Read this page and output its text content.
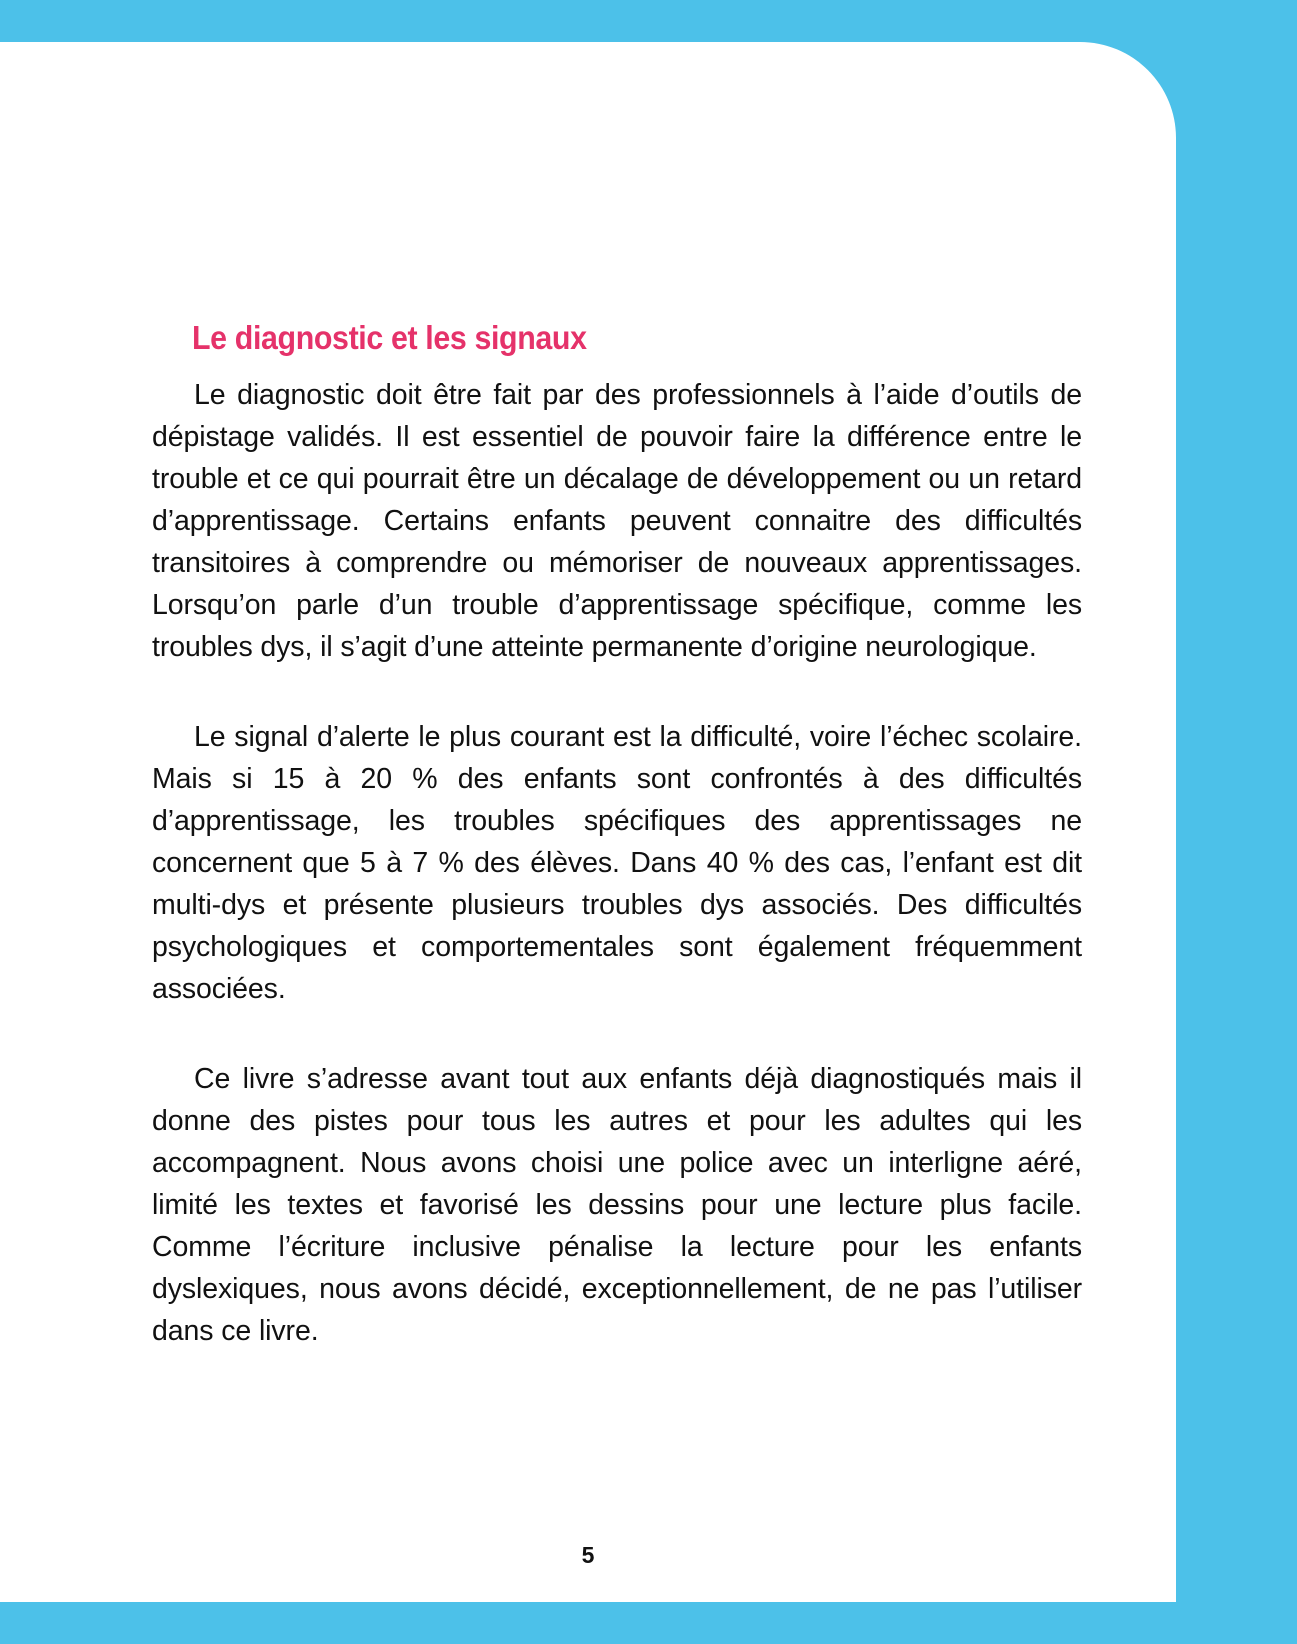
Le diagnostic et les signaux

Le diagnostic doit être fait par des professionnels à l’aide d’outils de dépistage validés. Il est essentiel de pouvoir faire la différence entre le trouble et ce qui pourrait être un décalage de développement ou un retard d’apprentissage. Certains enfants peuvent connaitre des difficultés transitoires à comprendre ou mémoriser de nouveaux apprentissages. Lorsqu’on parle d’un trouble d’apprentissage spécifique, comme les troubles dys, il s’agit d’une atteinte permanente d’origine neurologique.

Le signal d’alerte le plus courant est la difficulté, voire l’échec scolaire. Mais si 15 à 20 % des enfants sont confrontés à des difficultés d’apprentissage, les troubles spécifiques des apprentissages ne concernent que 5 à 7 % des élèves. Dans 40 % des cas, l’enfant est dit multi-dys et présente plusieurs troubles dys associés. Des difficultés psychologiques et comportementales sont également fréquemment associées.

Ce livre s’adresse avant tout aux enfants déjà diagnostiqués mais il donne des pistes pour tous les autres et pour les adultes qui les accompagnent. Nous avons choisi une police avec un interligne aéré, limité les textes et favorisé les dessins pour une lecture plus facile. Comme l’écriture inclusive pénalise la lecture pour les enfants dyslexiques, nous avons décidé, exceptionnellement, de ne pas l’utiliser dans ce livre.

5
